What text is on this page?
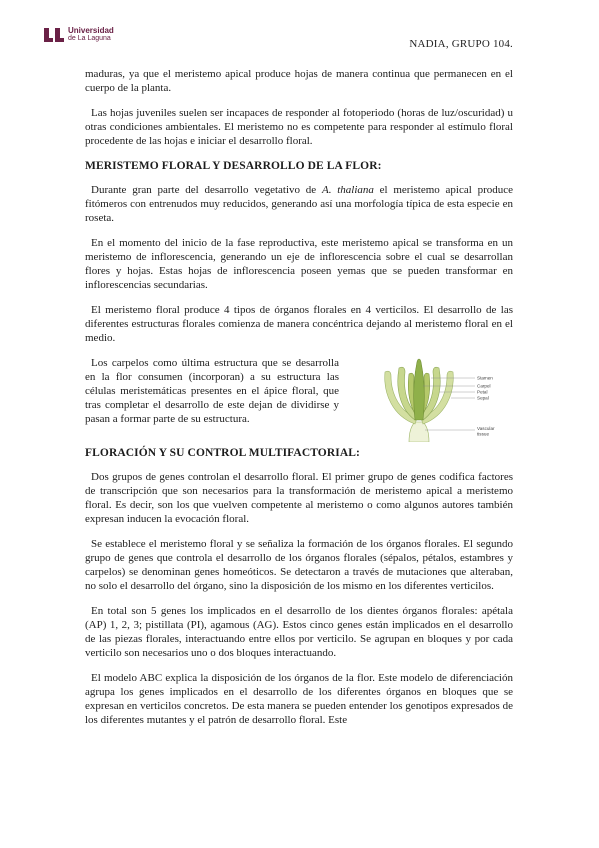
Universidad
de La Laguna	NADIA, GRUPO 104.

maduras, ya que el meristemo apical produce hojas de manera continua que permanecen en el cuerpo de la planta.

Las hojas juveniles suelen ser incapaces de responder al fotoperiodo (horas de luz/oscuridad) u otras condiciones ambientales. El meristemo no es competente para responder al estímulo floral procedente de las hojas e iniciar el desarrollo floral.

MERISTEMO FLORAL Y DESARROLLO DE LA FLOR:

Durante gran parte del desarrollo vegetativo de A. thaliana el meristemo apical produce fitómeros con entrenudos muy reducidos, generando así una morfología típica de esta especie en roseta.

En el momento del inicio de la fase reproductiva, este meristemo apical se transforma en un meristemo de inflorescencia, generando un eje de inflorescencia sobre el cual se desarrollan flores y hojas. Estas hojas de inflorescencia poseen yemas que se pueden transformar en inflorescencias secundarias.

El meristemo floral produce 4 tipos de órganos florales en 4 verticilos. El desarrollo de las diferentes estructuras florales comienza de manera concéntrica dejando al meristemo floral en el medio.

Los carpelos como última estructura que se desarrolla en la flor consumen (incorporan) a su estructura las células meristemáticas presentes en el ápice floral, que tras completar el desarrollo de este dejan de dividirse y pasan a formar parte de su estructura.

Stamen
Carpel
Petal
Sepal
Vascular
tissue
FLORACIÓN Y SU CONTROL MULTIFACTORIAL:

Dos grupos de genes controlan el desarrollo floral. El primer grupo de genes codifica factores de transcripción que son necesarios para la transformación de meristemo apical a meristemo floral. Es decir, son los que vuelven competente al meristemo o como algunos autores también expresan inducen la evocación floral.

Se establece el meristemo floral y se señaliza la formación de los órganos florales. El segundo grupo de genes que controla el desarrollo de los órganos florales (sépalos, pétalos, estambres y carpelos) se denominan genes homeóticos. Se detectaron a través de mutaciones que alteraban, no solo el desarrollo del órgano, sino la disposición de los mismo en los diferentes verticilos.

En total son 5 genes los implicados en el desarrollo de los dientes órganos florales: apétala (AP) 1, 2, 3; pistillata (PI), agamous (AG). Estos cinco genes están implicados en el desarrollo de las piezas florales, interactuando entre ellos por verticilo. Se agrupan en bloques y por cada verticilo son necesarios uno o dos bloques interactuando.

El modelo ABC explica la disposición de los órganos de la flor. Este modelo de diferenciación agrupa los genes implicados en el desarrollo de los diferentes órganos en bloques que se expresan en verticilos concretos. De esta manera se pueden entender los genotipos expresados de los diferentes mutantes y el patrón de desarrollo floral. Este
